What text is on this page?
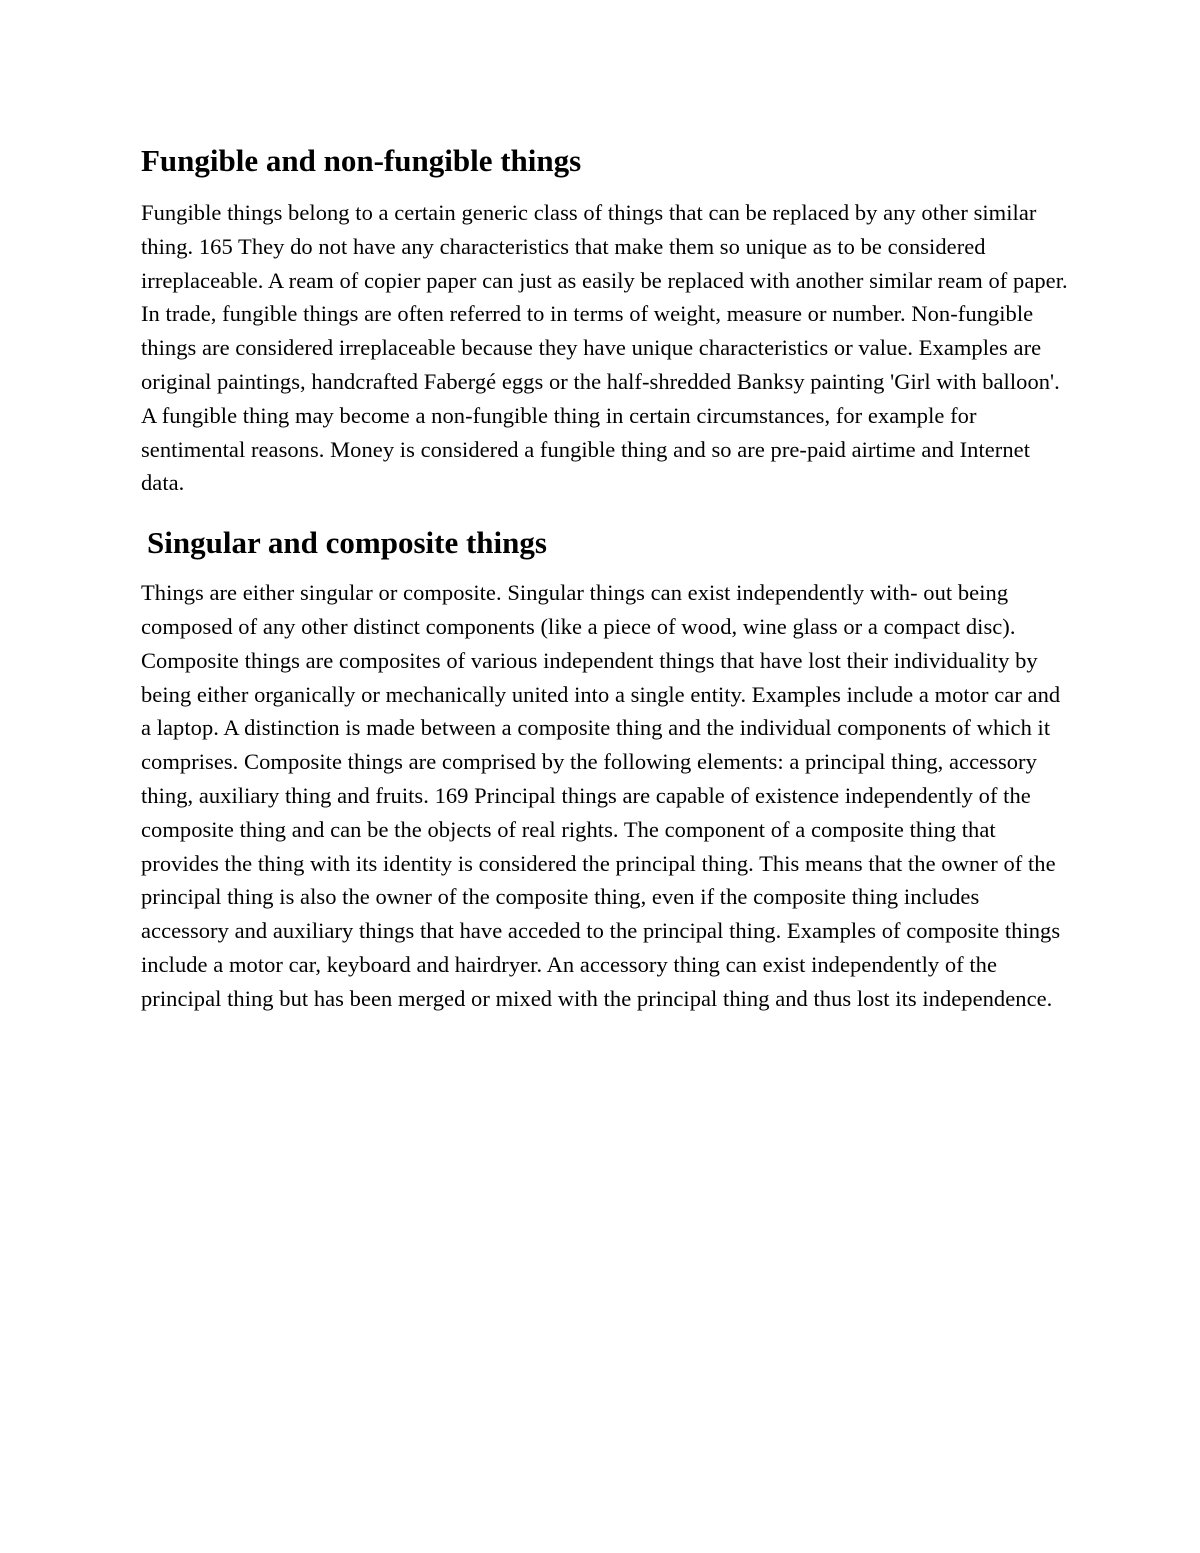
Fungible and non-fungible things

Fungible things belong to a certain generic class of things that can be replaced by any other similar thing. 165 They do not have any characteristics that make them so unique as to be considered irreplaceable. A ream of copier paper can just as easily be replaced with another similar ream of paper. In trade, fungible things are often referred to in terms of weight, measure or number. Non-fungible things are considered irreplaceable because they have unique characteristics or value. Examples are original paintings, handcrafted Fabergé eggs or the half-shredded Banksy painting 'Girl with balloon'. A fungible thing may become a non-fungible thing in certain circumstances, for example for sentimental reasons. Money is considered a fungible thing and so are pre-paid airtime and Internet data.

Singular and composite things

Things are either singular or composite. Singular things can exist independently with- out being composed of any other distinct components (like a piece of wood, wine glass or a compact disc). Composite things are composites of various independent things that have lost their individuality by being either organically or mechanically united into a single entity. Examples include a motor car and a laptop. A distinction is made between a composite thing and the individual components of which it comprises. Composite things are comprised by the following elements: a principal thing, accessory thing, auxiliary thing and fruits. 169 Principal things are capable of existence independently of the composite thing and can be the objects of real rights. The component of a composite thing that provides the thing with its identity is considered the principal thing. This means that the owner of the principal thing is also the owner of the composite thing, even if the composite thing includes accessory and auxiliary things that have acceded to the principal thing. Examples of composite things include a motor car, keyboard and hairdryer. An accessory thing can exist independently of the principal thing but has been merged or mixed with the principal thing and thus lost its independence.
